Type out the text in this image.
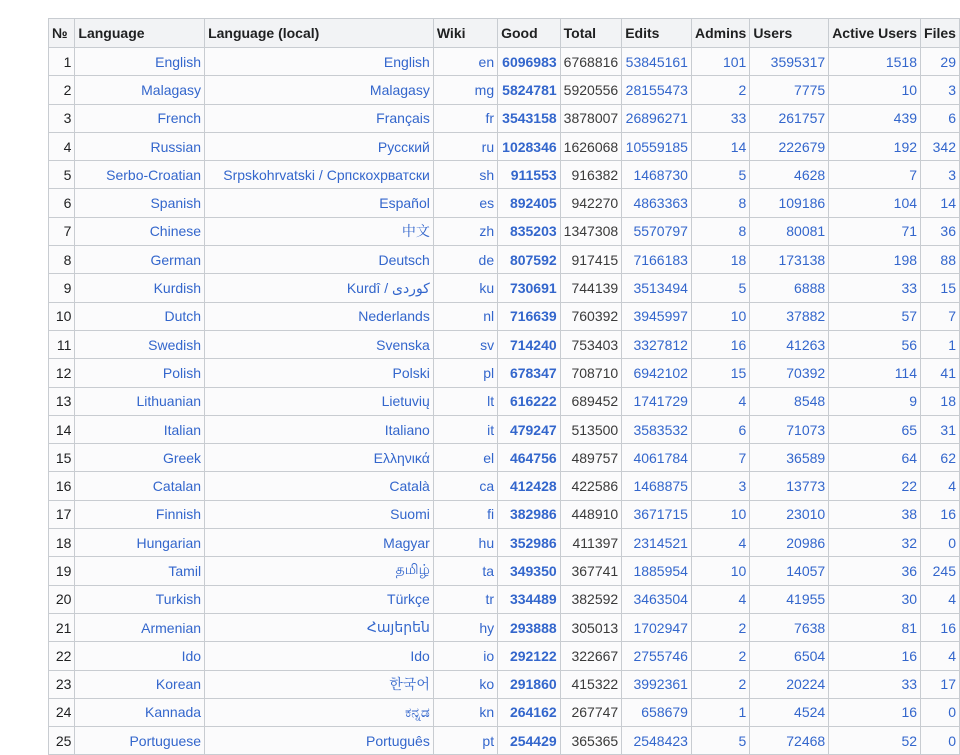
№	Language	Language (local)	Wiki	Good	Total	Edits	Admins	Users	Active Users	Files
1	English	English	en	6096983	6768816	53845161	101	3595317	1518	29
2	Malagasy	Malagasy	mg	5824781	5920556	28155473	2	7775	10	3
3	French	Français	fr	3543158	3878007	26896271	33	261757	439	6
4	Russian	Русский	ru	1028346	1626068	10559185	14	222679	192	342
5	Serbo-Croatian	Srpskohrvatski / Српскохрватски	sh	911553	916382	1468730	5	4628	7	3
6	Spanish	Español	es	892405	942270	4863363	8	109186	104	14
7	Chinese	中文	zh	835203	1347308	5570797	8	80081	71	36
8	German	Deutsch	de	807592	917415	7166183	18	173138	198	88
9	Kurdish	Kurdî / كوردی	ku	730691	744139	3513494	5	6888	33	15
10	Dutch	Nederlands	nl	716639	760392	3945997	10	37882	57	7
11	Swedish	Svenska	sv	714240	753403	3327812	16	41263	56	1
12	Polish	Polski	pl	678347	708710	6942102	15	70392	114	41
13	Lithuanian	Lietuvių	lt	616222	689452	1741729	4	8548	9	18
14	Italian	Italiano	it	479247	513500	3583532	6	71073	65	31
15	Greek	Ελληνικά	el	464756	489757	4061784	7	36589	64	62
16	Catalan	Català	ca	412428	422586	1468875	3	13773	22	4
17	Finnish	Suomi	fi	382986	448910	3671715	10	23010	38	16
18	Hungarian	Magyar	hu	352986	411397	2314521	4	20986	32	0
19	Tamil	தமிழ்	ta	349350	367741	1885954	10	14057	36	245
20	Turkish	Türkçe	tr	334489	382592	3463504	4	41955	30	4
21	Armenian	Հայերեն	hy	293888	305013	1702947	2	7638	81	16
22	Ido	Ido	io	292122	322667	2755746	2	6504	16	4
23	Korean	한국어	ko	291860	415322	3992361	2	20224	33	17
24	Kannada	ಕನ್ನಡ	kn	264162	267747	658679	1	4524	16	0
25	Portuguese	Português	pt	254429	365365	2548423	5	72468	52	0
